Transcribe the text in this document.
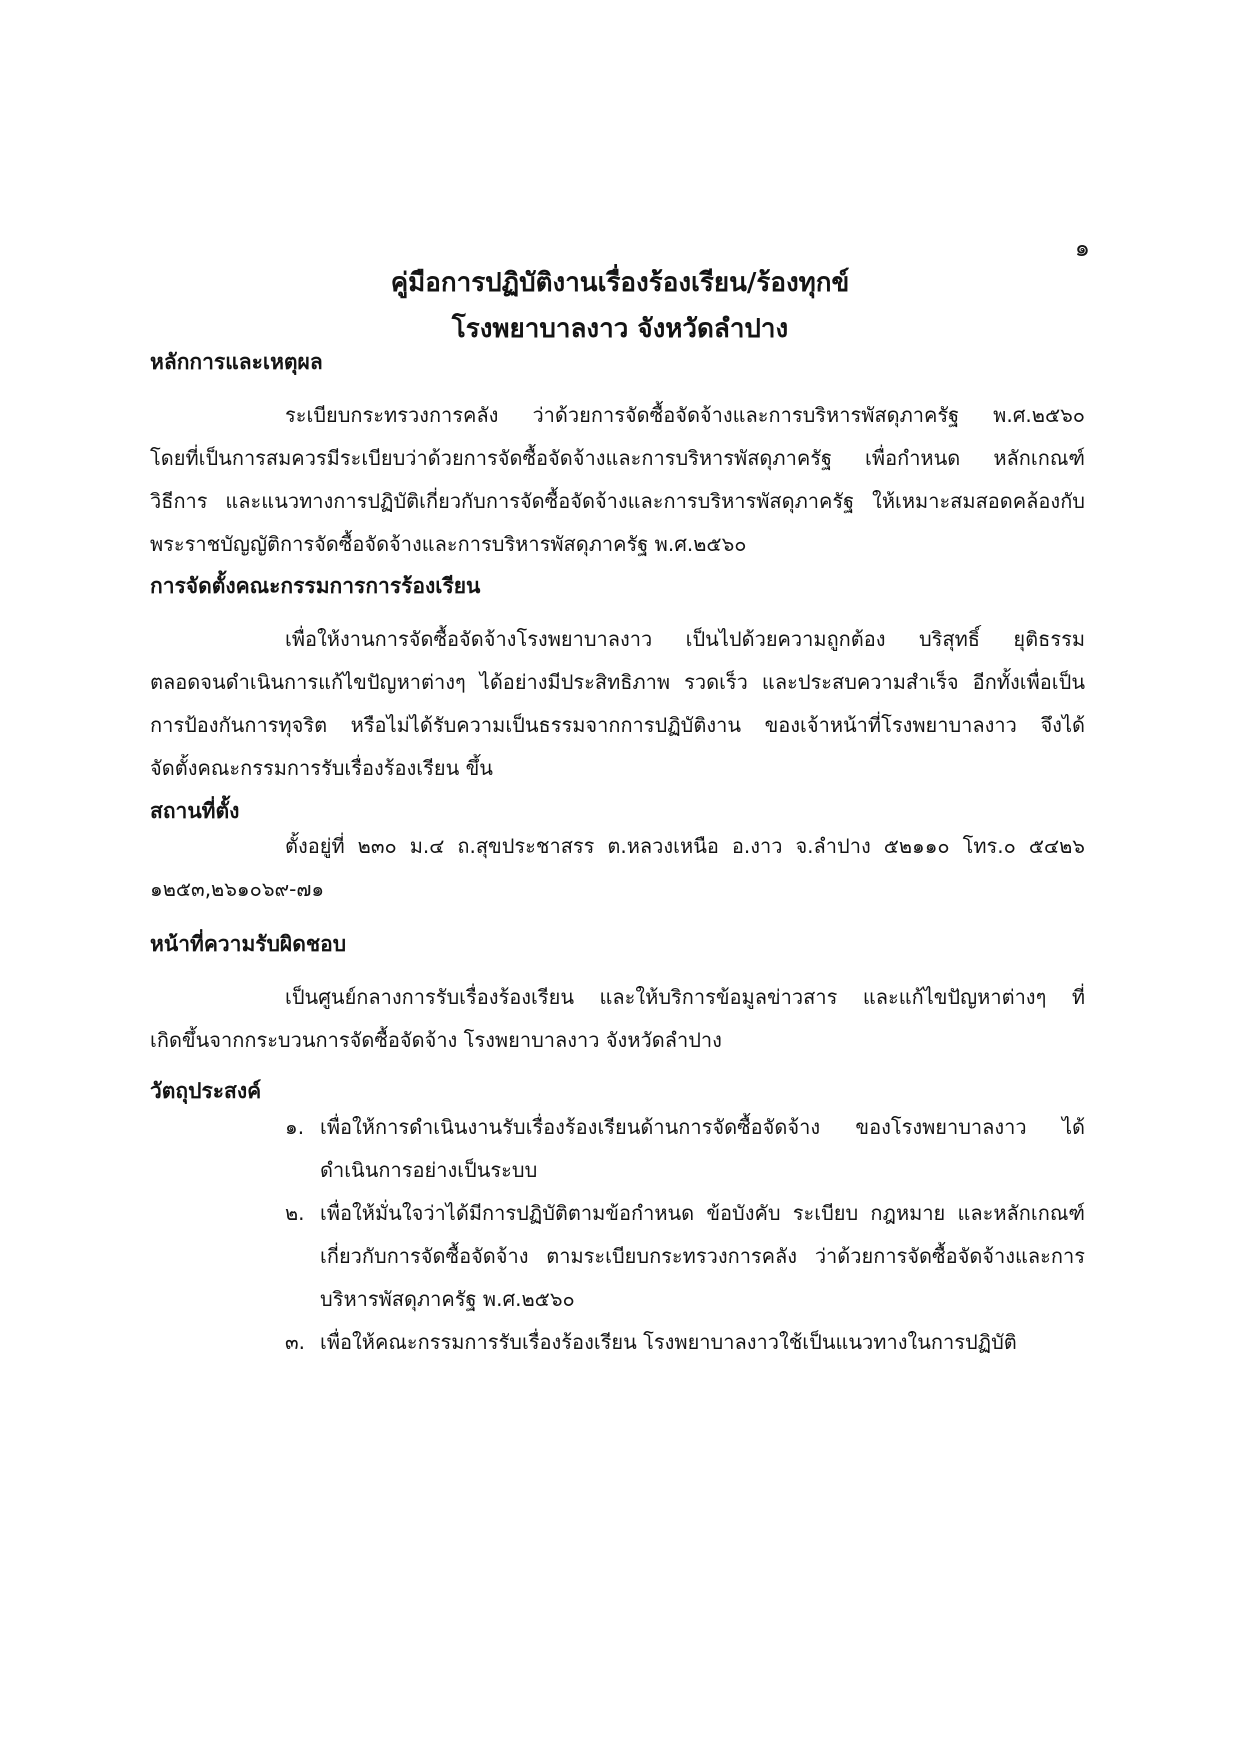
๑
คู่มือการปฏิบัติงานเรื่องร้องเรียน/ร้องทุกข์
โรงพยาบาลงาว จังหวัดลำปาง
หลักการและเหตุผล
ระเบียบกระทรวงการคลัง ว่าด้วยการจัดซื้อจัดจ้างและการบริหารพัสดุภาครัฐ พ.ศ.๒๕๖๐
โดยที่เป็นการสมควรมีระเบียบว่าด้วยการจัดซื้อจัดจ้างและการบริหารพัสดุภาครัฐ เพื่อกำหนด หลักเกณฑ์
วิธีการ และแนวทางการปฏิบัติเกี่ยวกับการจัดซื้อจัดจ้างและการบริหารพัสดุภาครัฐ ให้เหมาะสมสอดคล้องกับ
พระราชบัญญัติการจัดซื้อจัดจ้างและการบริหารพัสดุภาครัฐ พ.ศ.๒๕๖๐
การจัดตั้งคณะกรรมการการร้องเรียน
เพื่อให้งานการจัดซื้อจัดจ้างโรงพยาบาลงาว เป็นไปด้วยความถูกต้อง บริสุทธิ์ ยุติธรรม
ตลอดจนดำเนินการแก้ไขปัญหาต่างๆ ได้อย่างมีประสิทธิภาพ รวดเร็ว และประสบความสำเร็จ อีกทั้งเพื่อเป็น
การป้องกันการทุจริต หรือไม่ได้รับความเป็นธรรมจากการปฏิบัติงาน ของเจ้าหน้าที่โรงพยาบาลงาว จึงได้
จัดตั้งคณะกรรมการรับเรื่องร้องเรียน ขึ้น
สถานที่ตั้ง
ตั้งอยู่ที่ ๒๓๐ ม.๔ ถ.สุขประชาสรร ต.หลวงเหนือ อ.งาว จ.ลำปาง ๕๒๑๑๐ โทร.๐ ๕๔๒๖
๑๒๕๓,๒๖๑๐๖๙-๗๑
หน้าที่ความรับผิดชอบ
เป็นศูนย์กลางการรับเรื่องร้องเรียน และให้บริการข้อมูลข่าวสาร และแก้ไขปัญหาต่างๆ ที่
เกิดขึ้นจากกระบวนการจัดซื้อจัดจ้าง โรงพยาบาลงาว จังหวัดลำปาง
วัตถุประสงค์
๑. เพื่อให้การดำเนินงานรับเรื่องร้องเรียนด้านการจัดซื้อจัดจ้าง ของโรงพยาบาลงาว ได้
ดำเนินการอย่างเป็นระบบ
๒. เพื่อให้มั่นใจว่าได้มีการปฏิบัติตามข้อกำหนด ข้อบังคับ ระเบียบ กฎหมาย และหลักเกณฑ์
เกี่ยวกับการจัดซื้อจัดจ้าง ตามระเบียบกระทรวงการคลัง ว่าด้วยการจัดซื้อจัดจ้างและการ
บริหารพัสดุภาครัฐ พ.ศ.๒๕๖๐
๓. เพื่อให้คณะกรรมการรับเรื่องร้องเรียน โรงพยาบาลงาวใช้เป็นแนวทางในการปฏิบัติ
